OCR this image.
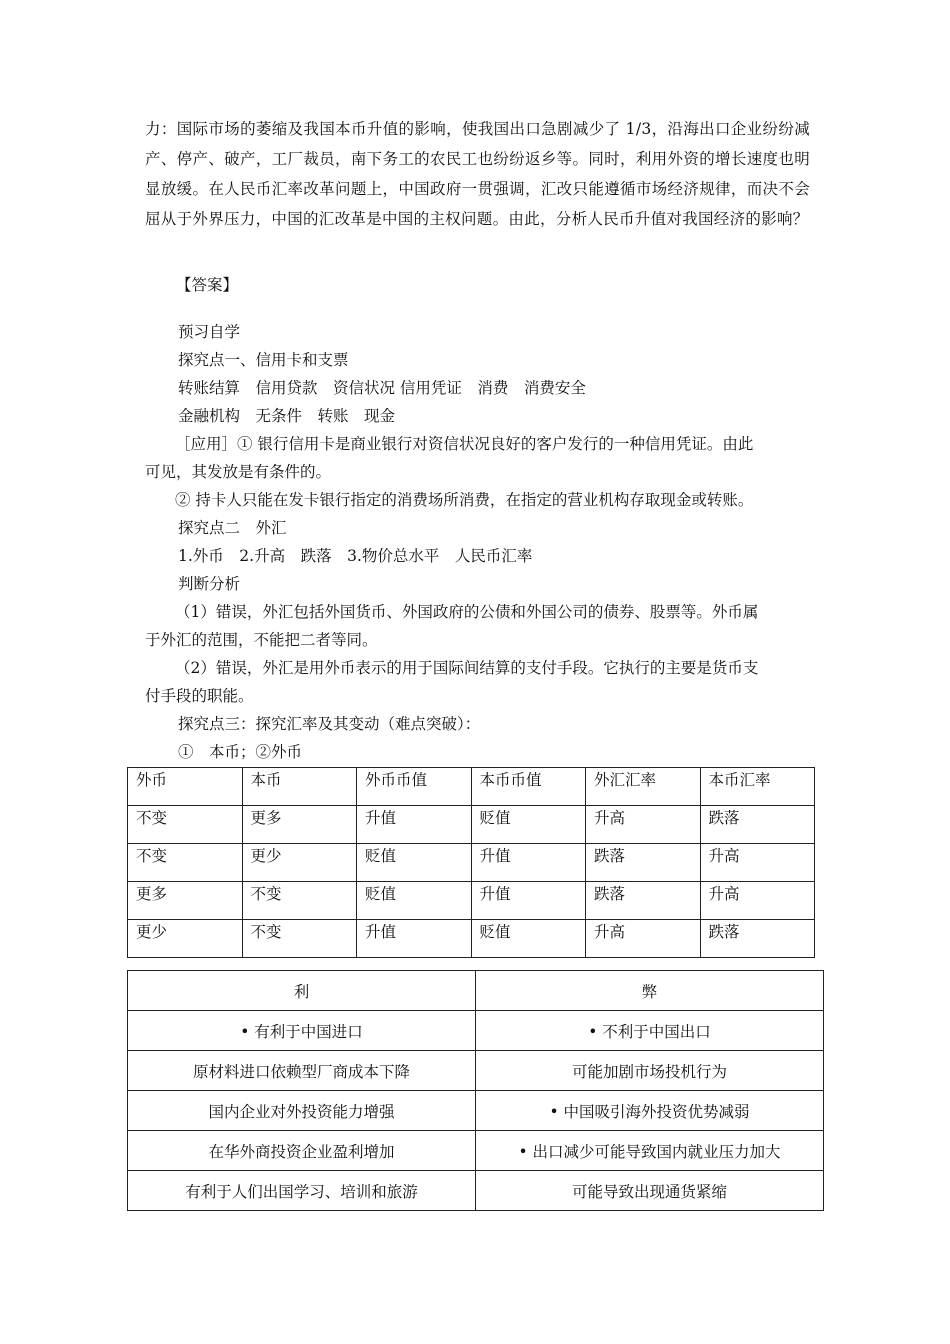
力：国际市场的萎缩及我国本币升值的影响，使我国出口急剧减少了 1/3，沿海出口企业纷纷减产、停产、破产，工厂裁员，南下务工的农民工也纷纷返乡等。同时，利用外资的增长速度也明显放缓。在人民币汇率改革问题上，中国政府一贯强调，汇改只能遵循市场经济规律，而决不会屈从于外界压力，中国的汇改革是中国的主权问题。由此，分析人民币升值对我国经济的影响？
【答案】
预习自学
探究点一、信用卡和支票
转账结算　信用贷款　资信状况 信用凭证　消费　消费安全
金融机构　无条件　转账　现金
［应用］① 银行信用卡是商业银行对资信状况良好的客户发行的一种信用凭证。由此
可见，其发放是有条件的。
② 持卡人只能在发卡银行指定的消费场所消费，在指定的营业机构存取现金或转账。
探究点二　外汇
1.外币　2.升高　跌落　3.物价总水平　人民币汇率
判断分析
（1）错误，外汇包括外国货币、外国政府的公债和外国公司的债券、股票等。外币属
于外汇的范围，不能把二者等同。
（2）错误，外汇是用外币表示的用于国际间结算的支付手段。它执行的主要是货币支
付手段的职能。
探究点三：探究汇率及其变动（难点突破）：
①　本币；②外币
外币	本币	外币币值	本币币值	外汇汇率	本币汇率
不变	更多	升值	贬值	升高	跌落
不变	更少	贬值	升值	跌落	升高
更多	不变	贬值	升值	跌落	升高
更少	不变	升值	贬值	升高	跌落
利	弊
• 有利于中国进口	• 不利于中国出口
原材料进口依赖型厂商成本下降	可能加剧市场投机行为
国内企业对外投资能力增强	• 中国吸引海外投资优势减弱
在华外商投资企业盈利增加	• 出口减少可能导致国内就业压力加大
有利于人们出国学习、培训和旅游	可能导致出现通货紧缩
